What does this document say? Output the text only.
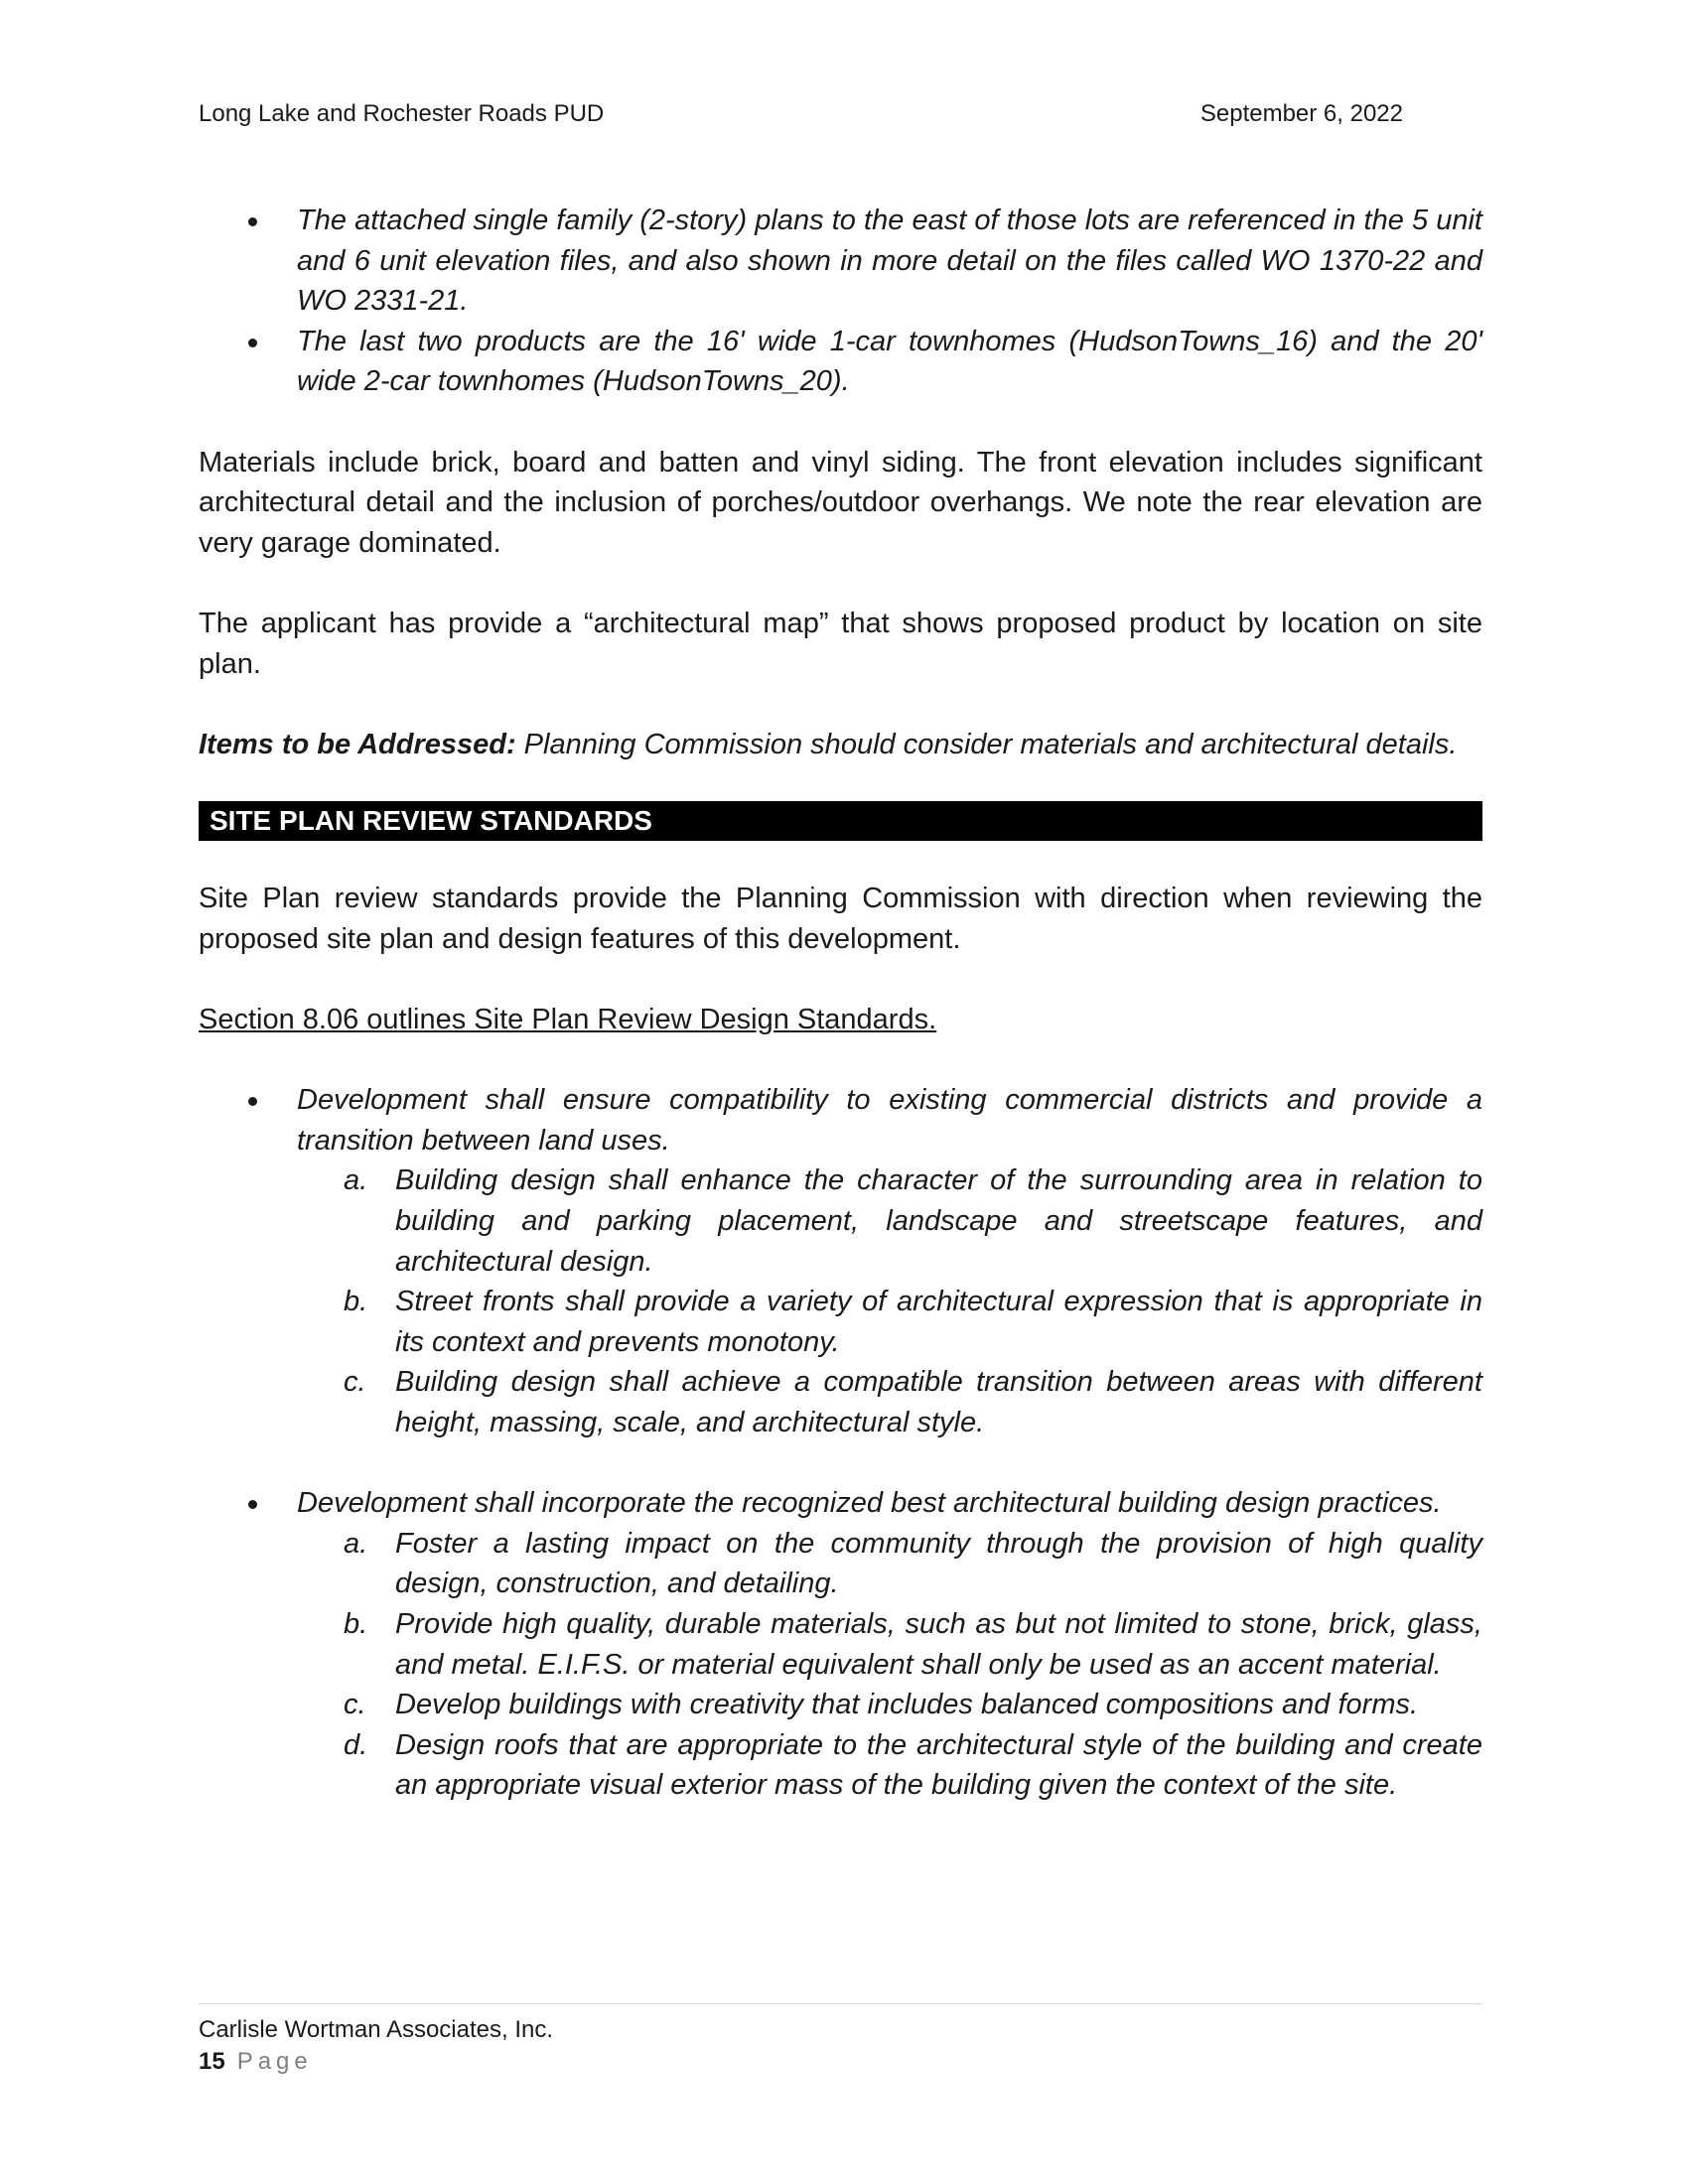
Long Lake and Rochester Roads PUD	September 6, 2022
The attached single family (2-story) plans to the east of those lots are referenced in the 5 unit and 6 unit elevation files, and also shown in more detail on the files called WO 1370-22 and WO 2331-21.
The last two products are the 16' wide 1-car townhomes (HudsonTowns_16) and the 20' wide 2-car townhomes (HudsonTowns_20).

Materials include brick, board and batten and vinyl siding. The front elevation includes significant architectural detail and the inclusion of porches/outdoor overhangs. We note the rear elevation are very garage dominated.

The applicant has provide a “architectural map” that shows proposed product by location on site plan.

Items to be Addressed: Planning Commission should consider materials and architectural details.

SITE PLAN REVIEW STANDARDS

Site Plan review standards provide the Planning Commission with direction when reviewing the proposed site plan and design features of this development.

Section 8.06 outlines Site Plan Review Design Standards.

Development shall ensure compatibility to existing commercial districts and provide a transition between land uses.
a. Building design shall enhance the character of the surrounding area in relation to building and parking placement, landscape and streetscape features, and architectural design.
b. Street fronts shall provide a variety of architectural expression that is appropriate in its context and prevents monotony.
c. Building design shall achieve a compatible transition between areas with different height, massing, scale, and architectural style.
Development shall incorporate the recognized best architectural building design practices.
a. Foster a lasting impact on the community through the provision of high quality design, construction, and detailing.
b. Provide high quality, durable materials, such as but not limited to stone, brick, glass, and metal. E.I.F.S. or material equivalent shall only be used as an accent material.
c. Develop buildings with creativity that includes balanced compositions and forms.
d. Design roofs that are appropriate to the architectural style of the building and create an appropriate visual exterior mass of the building given the context of the site.
Carlisle Wortman Associates, Inc.
15 Page
